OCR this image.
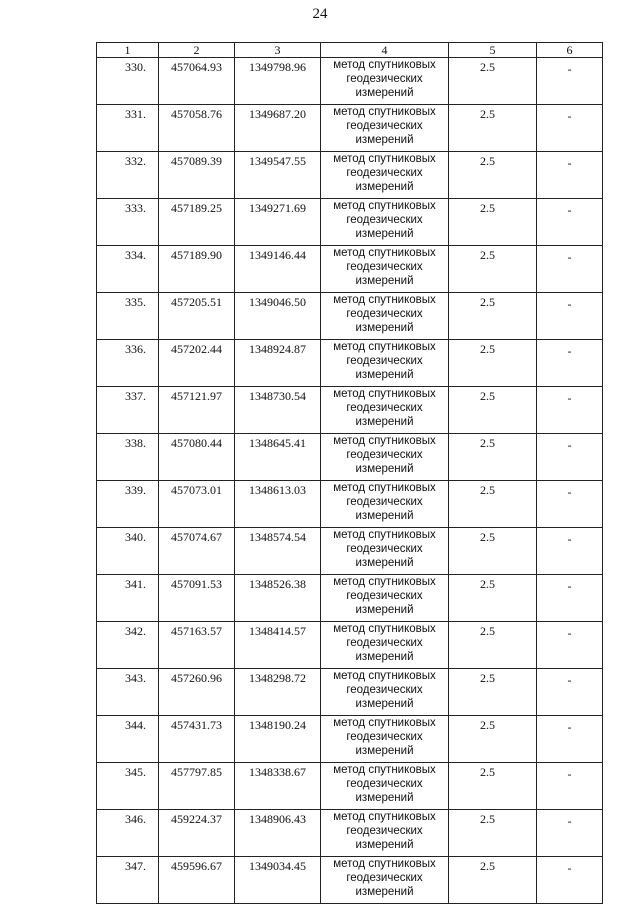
24
1	2	3	4	5	6
330.	457064.93	1349798.96	метод спутниковых геодезических измерений	2.5	-
331.	457058.76	1349687.20	метод спутниковых геодезических измерений	2.5	-
332.	457089.39	1349547.55	метод спутниковых геодезических измерений	2.5	-
333.	457189.25	1349271.69	метод спутниковых геодезических измерений	2.5	-
334.	457189.90	1349146.44	метод спутниковых геодезических измерений	2.5	-
335.	457205.51	1349046.50	метод спутниковых геодезических измерений	2.5	-
336.	457202.44	1348924.87	метод спутниковых геодезических измерений	2.5	-
337.	457121.97	1348730.54	метод спутниковых геодезических измерений	2.5	-
338.	457080.44	1348645.41	метод спутниковых геодезических измерений	2.5	-
339.	457073.01	1348613.03	метод спутниковых геодезических измерений	2.5	-
340.	457074.67	1348574.54	метод спутниковых геодезических измерений	2.5	-
341.	457091.53	1348526.38	метод спутниковых геодезических измерений	2.5	-
342.	457163.57	1348414.57	метод спутниковых геодезических измерений	2.5	-
343.	457260.96	1348298.72	метод спутниковых геодезических измерений	2.5	-
344.	457431.73	1348190.24	метод спутниковых геодезических измерений	2.5	-
345.	457797.85	1348338.67	метод спутниковых геодезических измерений	2.5	-
346.	459224.37	1348906.43	метод спутниковых геодезических измерений	2.5	-
347.	459596.67	1349034.45	метод спутниковых геодезических измерений	2.5	-
